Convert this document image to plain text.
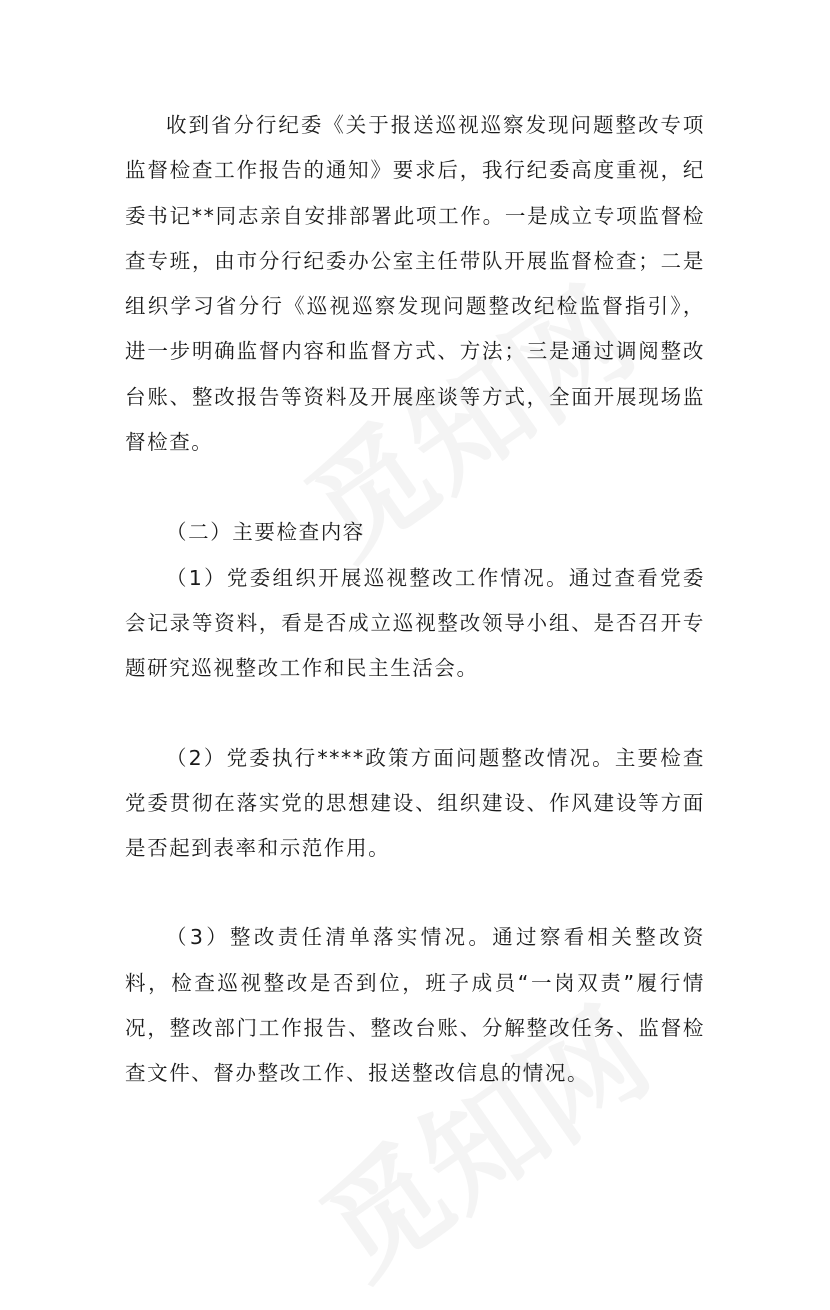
收到省分行纪委《关于报送巡视巡察发现问题整改专项监督检查工作报告的通知》要求后，我行纪委高度重视，纪委书记**同志亲自安排部署此项工作。一是成立专项监督检查专班，由市分行纪委办公室主任带队开展监督检查；二是组织学习省分行《巡视巡察发现问题整改纪检监督指引》，进一步明确监督内容和监督方式、方法；三是通过调阅整改台账、整改报告等资料及开展座谈等方式，全面开展现场监督检查。

（二）主要检查内容

（1）党委组织开展巡视整改工作情况。通过查看党委会记录等资料，看是否成立巡视整改领导小组、是否召开专题研究巡视整改工作和民主生活会。

（2）党委执行****政策方面问题整改情况。主要检查党委贯彻在落实党的思想建设、组织建设、作风建设等方面是否起到表率和示范作用。

（3）整改责任清单落实情况。通过察看相关整改资料，检查巡视整改是否到位，班子成员“一岗双责”履行情况，整改部门工作报告、整改台账、分解整改任务、监督检查文件、督办整改工作、报送整改信息的情况。
